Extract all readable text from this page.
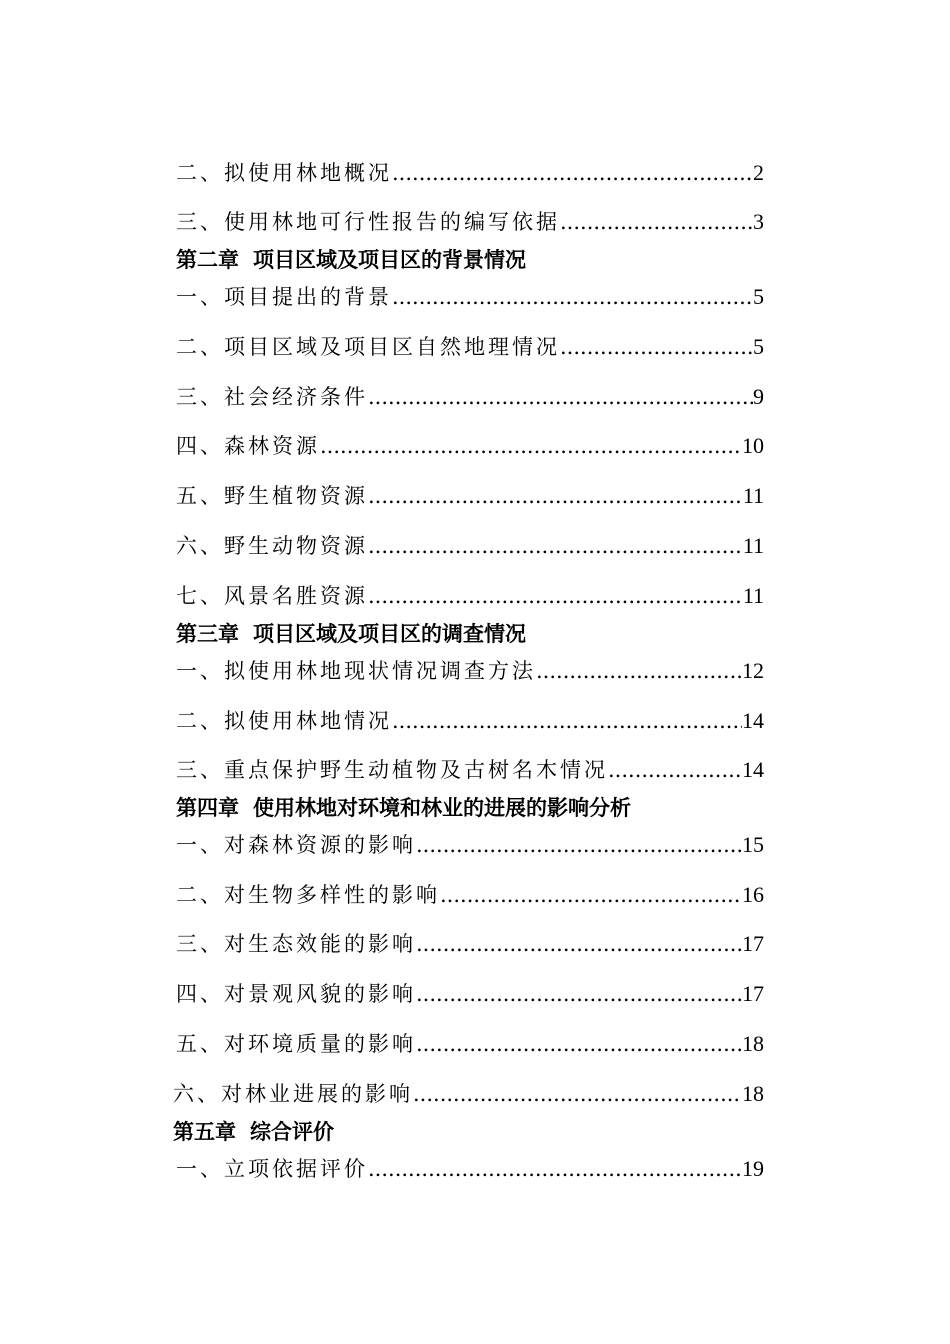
二、拟使用林地概况 .....	2
三、使用林地可行性报告的编写依据 .....	3
第二章 项目区域及项目区的背景情况
一、项目提出的背景 .....	5
二、项目区域及项目区自然地理情况 .....	5
三、社会经济条件 .....	9
四、森林资源 .....	10
五、野生植物资源 .....	11
六、野生动物资源 .....	11
七、风景名胜资源 .....	11
第三章 项目区域及项目区的调查情况
一、拟使用林地现状情况调查方法 .....	12
二、拟使用林地情况 .....	14
三、重点保护野生动植物及古树名木情况 .....	14
第四章 使用林地对环境和林业的进展的影响分析
一、对森林资源的影响 .....	15
二、对生物多样性的影响 .....	16
三、对生态效能的影响 .....	17
四、对景观风貌的影响 .....	17
五、对环境质量的影响 .....	18
六、对林业进展的影响 .....	18
第五章 综合评价
一、立项依据评价 .....	19
